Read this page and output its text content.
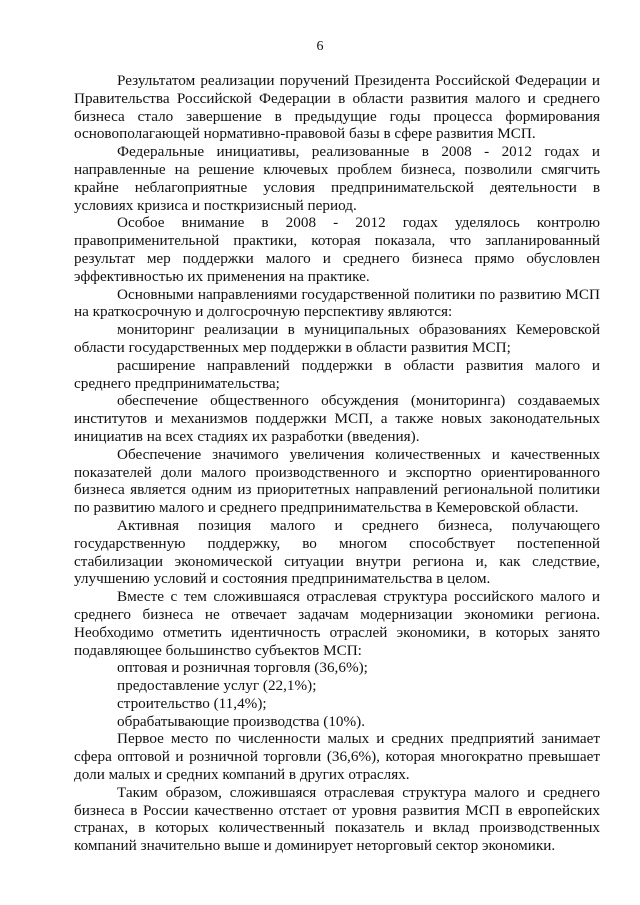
6

Результатом реализации поручений Президента Российской Федерации и Правительства Российской Федерации в области развития малого и среднего бизнеса стало завершение в предыдущие годы процесса формирования основополагающей нормативно-правовой базы в сфере развития МСП.

Федеральные инициативы, реализованные в 2008 - 2012 годах и направленные на решение ключевых проблем бизнеса, позволили смягчить крайне неблагоприятные условия предпринимательской деятельности в условиях кризиса и посткризисный период.

Особое внимание в 2008 - 2012 годах уделялось контролю правоприменительной практики, которая показала, что запланированный результат мер поддержки малого и среднего бизнеса прямо обусловлен эффективностью их применения на практике.

Основными направлениями государственной политики по развитию МСП на краткосрочную и долгосрочную перспективу являются:

мониторинг реализации в муниципальных образованиях Кемеровской области государственных мер поддержки в области развития МСП;

расширение направлений поддержки в области развития малого и среднего предпринимательства;

обеспечение общественного обсуждения (мониторинга) создаваемых институтов и механизмов поддержки МСП, а также новых законодательных инициатив на всех стадиях их разработки (введения).

Обеспечение значимого увеличения количественных и качественных показателей доли малого производственного и экспортно ориентированного бизнеса является одним из приоритетных направлений региональной политики по развитию малого и среднего предпринимательства в Кемеровской области.

Активная позиция малого и среднего бизнеса, получающего государственную поддержку, во многом способствует постепенной стабилизации экономической ситуации внутри региона и, как следствие, улучшению условий и состояния предпринимательства в целом.

Вместе с тем сложившаяся отраслевая структура российского малого и среднего бизнеса не отвечает задачам модернизации экономики региона. Необходимо отметить идентичность отраслей экономики, в которых занято подавляющее большинство субъектов МСП:

оптовая и розничная торговля (36,6%);

предоставление услуг (22,1%);

строительство (11,4%);

обрабатывающие производства (10%).

Первое место по численности малых и средних предприятий занимает сфера оптовой и розничной торговли (36,6%), которая многократно превышает доли малых и средних компаний в других отраслях.

Таким образом, сложившаяся отраслевая структура малого и среднего бизнеса в России качественно отстает от уровня развития МСП в европейских странах, в которых количественный показатель и вклад производственных компаний значительно выше и доминирует неторговый сектор экономики.
